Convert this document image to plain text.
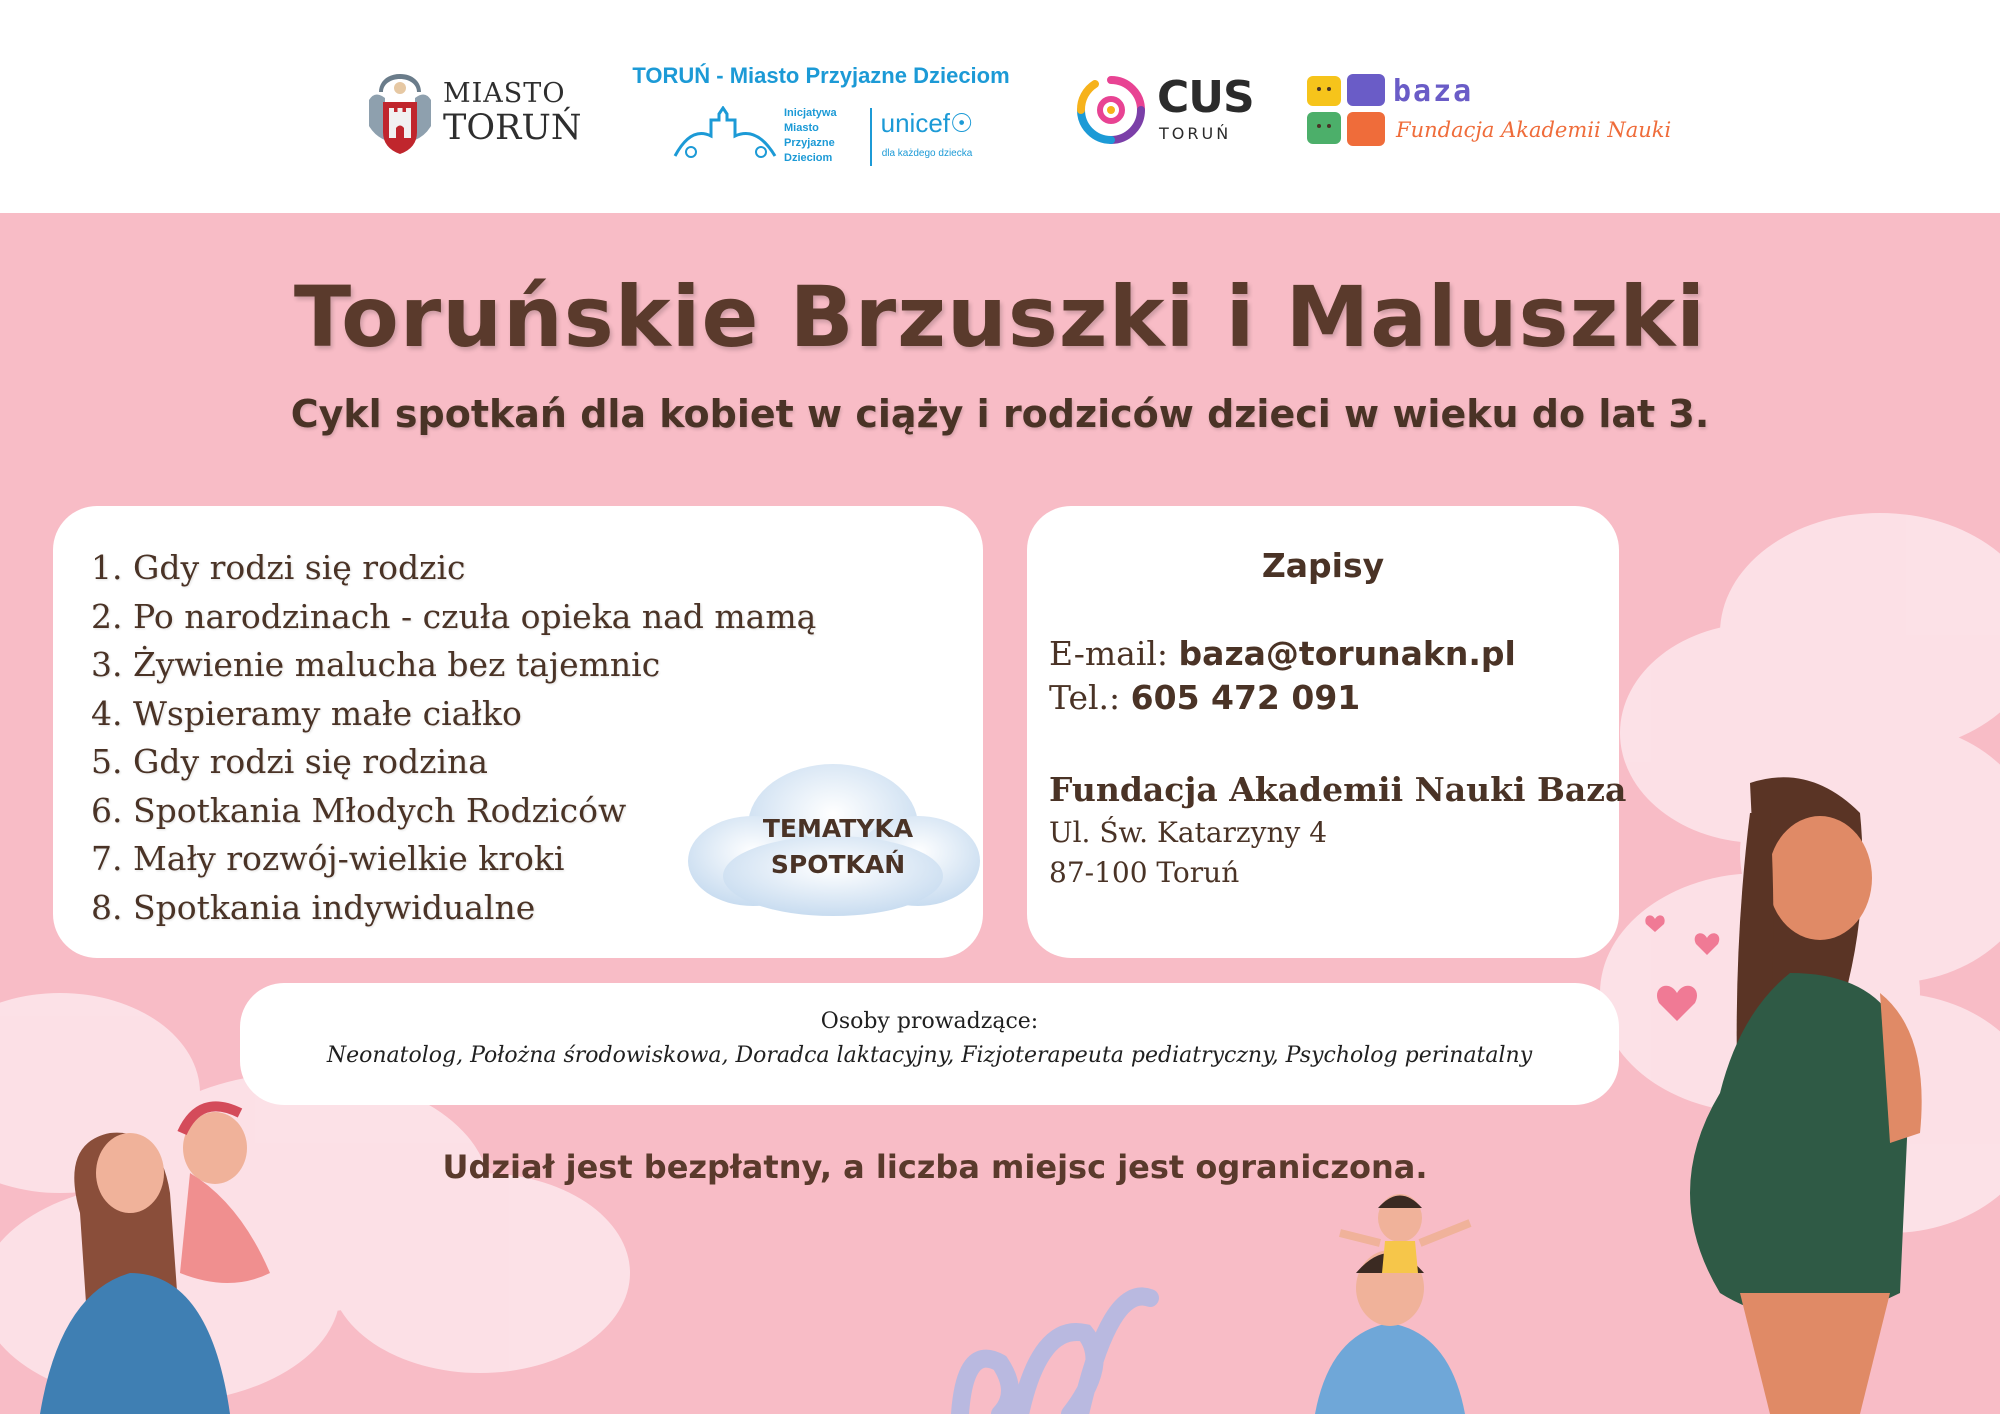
MIASTO
TORUŃ
TORUŃ - Miasto Przyjazne Dzieciom
Inicjatywa
Miasto
Przyjazne
Dzieciom
unicef☉
dla każdego dziecka
CUS
TORUŃ
baza
Fundacja Akademii Nauki
Toruńskie Brzuszki i Maluszki
Cykl spotkań dla kobiet w ciąży i rodziców dzieci w wieku do lat 3.
1. Gdy rodzi się rodzic
2. Po narodzinach - czuła opieka nad mamą
3. Żywienie malucha bez tajemnic
4. Wspieramy małe ciałko
5. Gdy rodzi się rodzina
6. Spotkania Młodych Rodziców
7. Mały rozwój-wielkie kroki
8. Spotkania indywidualne
TEMATYKA
SPOTKAŃ
Zapisy
E-mail: baza@torunakn.pl
Tel.: 605 472 091
Fundacja Akademii Nauki Baza
Ul. Św. Katarzyny 4
87-100 Toruń
Osoby prowadzące:
Neonatolog, Położna środowiskowa, Doradca laktacyjny, Fizjoterapeuta pediatryczny, Psycholog perinatalny
Udział jest bezpłatny, a liczba miejsc jest ograniczona.
